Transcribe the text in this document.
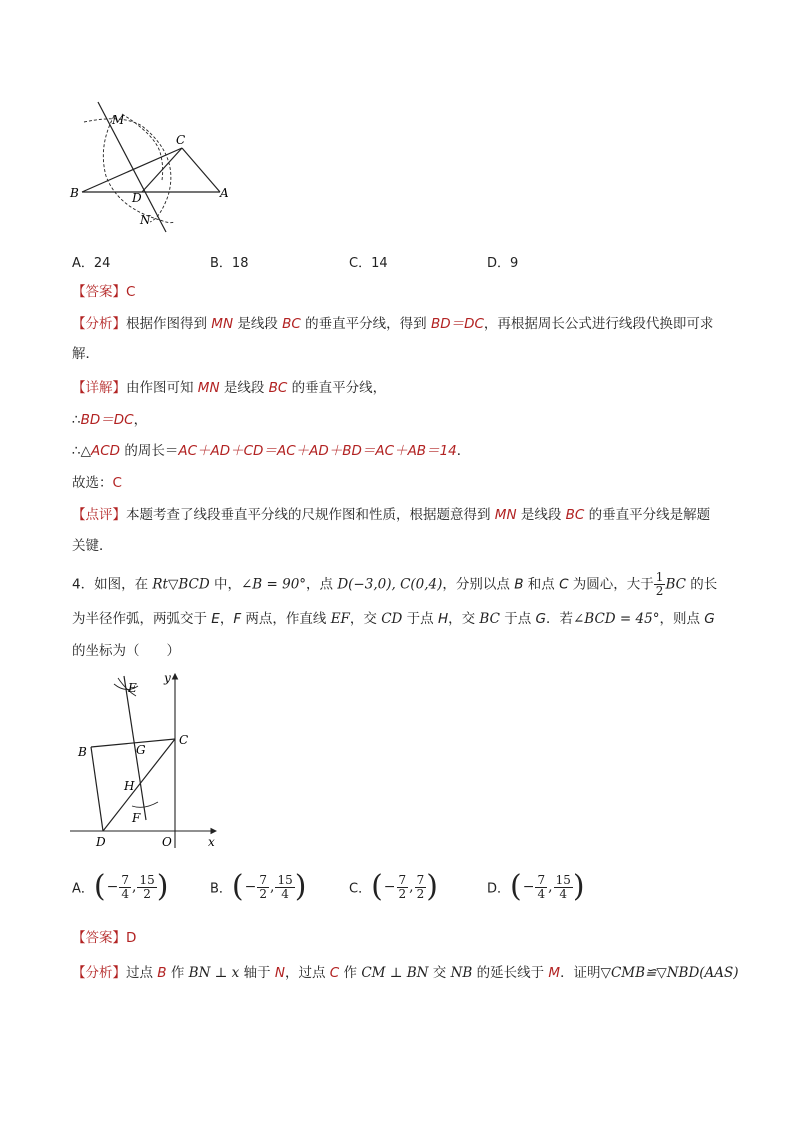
M
C
B	D	A
N
A．24	B．18	C．14	D．9
【答案】C
【分析】根据作图得到 MN 是线段 BC 的垂直平分线，得到 BD＝DC，再根据周长公式进行线段代换即可求
解．
【详解】由作图可知 MN 是线段 BC 的垂直平分线，
∴BD＝DC，
∴△ACD 的周长＝AC＋AD＋CD＝AC＋AD＋BD＝AC＋AB＝14．
故选：C
【点评】本题考查了线段垂直平分线的尺规作图和性质，根据题意得到 MN 是线段 BC 的垂直平分线是解题
关键．
4．如图，在 Rt▽BCD 中，∠B = 90°，点 D(−3,0), C(0,4)，分别以点 B 和点 C 为圆心，大于 $\frac{1}{2}$ BC 的长
为半径作弧，两弧交于 E，F 两点，作直线 EF，交 CD 于点 H，交 BC 于点 G．若∠BCD = 45°，则点 G
的坐标为（　　）
y
E
B	G
C
H
F
D	O	x
A． ( − $\frac{7}{4}$ , $\frac{15}{2}$ )	B． ( − $\frac{7}{2}$ , $\frac{15}{4}$ )	C． ( − $\frac{7}{2}$ , $\frac{7}{2}$ )	D． ( − $\frac{7}{4}$ , $\frac{15}{4}$ )
【答案】D
【分析】过点 B 作 BN ⊥ x 轴于 N，过点 C 作 CM ⊥ BN 交 NB 的延长线于 M．证明▽CMB≌▽NBD(AAS)
